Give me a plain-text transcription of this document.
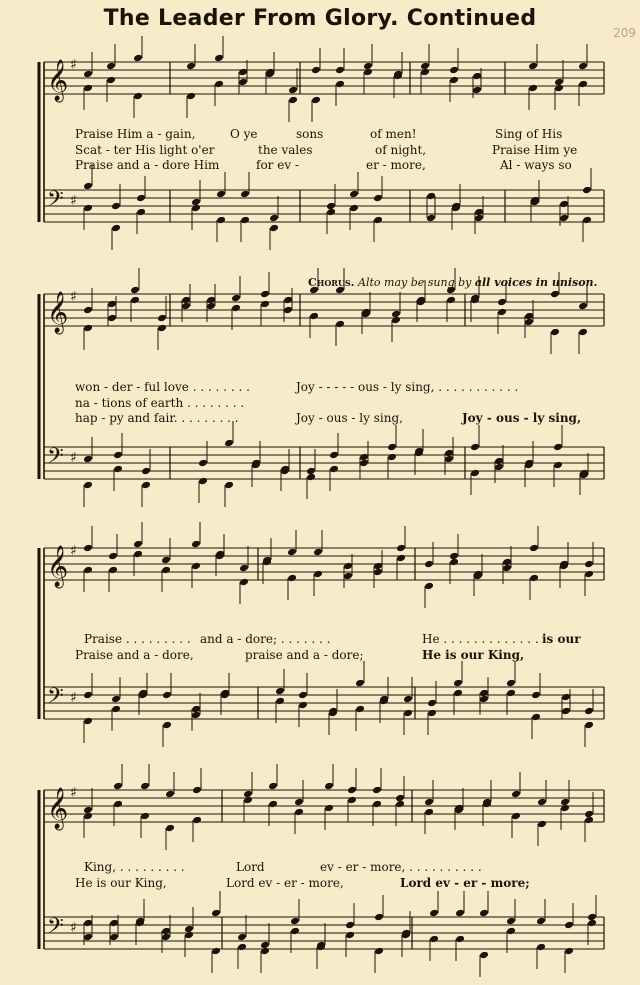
The Leader From Glory. Continued
209
𝄞 ♯
𝄢 ♯
𝄞 ♯
𝄢 ♯
𝄞 ♯
𝄢 ♯
𝄞 ♯
𝄢 ♯
Chorus. Alto may be sung by all voices in unison.
Praise Him a - gain,	O ye	sons	of men!	Sing of His
Scat - ter His light o'er	the vales	of night,	Praise Him ye
Praise and a - dore Him	for ev -	er - more,	Al - ways so
won - der - ful love . . . . . . . .	Joy - - - - - ous - ly sing, . . . . . . . . . . .
na - tions of earth . . . . . . . .
hap - py and fair. . . . . . . . .	Joy - ous - ly sing,	Joy - ous - ly sing,
Praise . . . . . . . . . and a - dore; . . . . . . .	He . . . . . . . . . . . . . is our
Praise and a - dore,	praise and a - dore;	He is our King,
King, . . . . . . . . .	Lord	ev - er - more, . . . . . . . . . .
He is our King,	Lord ev - er - more,	Lord ev - er - more;
